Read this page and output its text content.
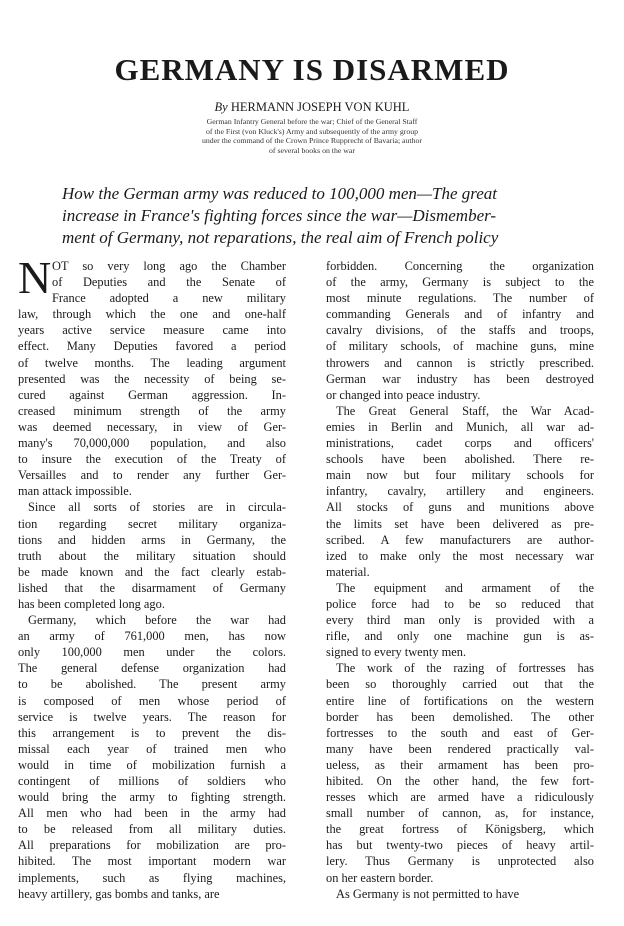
GERMANY IS DISARMED
By HERMANN JOSEPH VON KUHL
German Infantry General before the war; Chief of the General Staff
of the First (von Kluck's) Army and subsequently of the army group
under the command of the Crown Prince Rupprecht of Bavaria; author
of several books on the war
How the German army was reduced to 100,000 men—The great
increase in France's fighting forces since the war—Dismember-
ment of Germany, not reparations, the real aim of French policy
N OT so very long ago the Chamber
of Deputies and the Senate of
France adopted a new military
law, through which the one and one-half
years active service measure came into
effect. Many Deputies favored a period
of twelve months. The leading argument
presented was the necessity of being se-
cured against German aggression. In-
creased minimum strength of the army
was deemed necessary, in view of Ger-
many's 70,000,000 population, and also
to insure the execution of the Treaty of
Versailles and to render any further Ger-
man attack impossible.
Since all sorts of stories are in circula-
tion regarding secret military organiza-
tions and hidden arms in Germany, the
truth about the military situation should
be made known and the fact clearly estab-
lished that the disarmament of Germany
has been completed long ago.
Germany, which before the war had
an army of 761,000 men, has now
only 100,000 men under the colors.
The general defense organization had
to be abolished. The present army
is composed of men whose period of
service is twelve years. The reason for
this arrangement is to prevent the dis-
missal each year of trained men who
would in time of mobilization furnish a
contingent of millions of soldiers who
would bring the army to fighting strength.
All men who had been in the army had
to be released from all military duties.
All preparations for mobilization are pro-
hibited. The most important modern war
implements, such as flying machines,
heavy artillery, gas bombs and tanks, are
forbidden. Concerning the organization
of the army, Germany is subject to the
most minute regulations. The number of
commanding Generals and of infantry and
cavalry divisions, of the staffs and troops,
of military schools, of machine guns, mine
throwers and cannon is strictly prescribed.
German war industry has been destroyed
or changed into peace industry.
The Great General Staff, the War Acad-
emies in Berlin and Munich, all war ad-
ministrations, cadet corps and officers'
schools have been abolished. There re-
main now but four military schools for
infantry, cavalry, artillery and engineers.
All stocks of guns and munitions above
the limits set have been delivered as pre-
scribed. A few manufacturers are author-
ized to make only the most necessary war
material.
The equipment and armament of the
police force had to be so reduced that
every third man only is provided with a
rifle, and only one machine gun is as-
signed to every twenty men.
The work of the razing of fortresses has
been so thoroughly carried out that the
entire line of fortifications on the western
border has been demolished. The other
fortresses to the south and east of Ger-
many have been rendered practically val-
ueless, as their armament has been pro-
hibited. On the other hand, the few fort-
resses which are armed have a ridiculously
small number of cannon, as, for instance,
the great fortress of Königsberg, which
has but twenty-two pieces of heavy artil-
lery. Thus Germany is unprotected also
on her eastern border.
As Germany is not permitted to have
